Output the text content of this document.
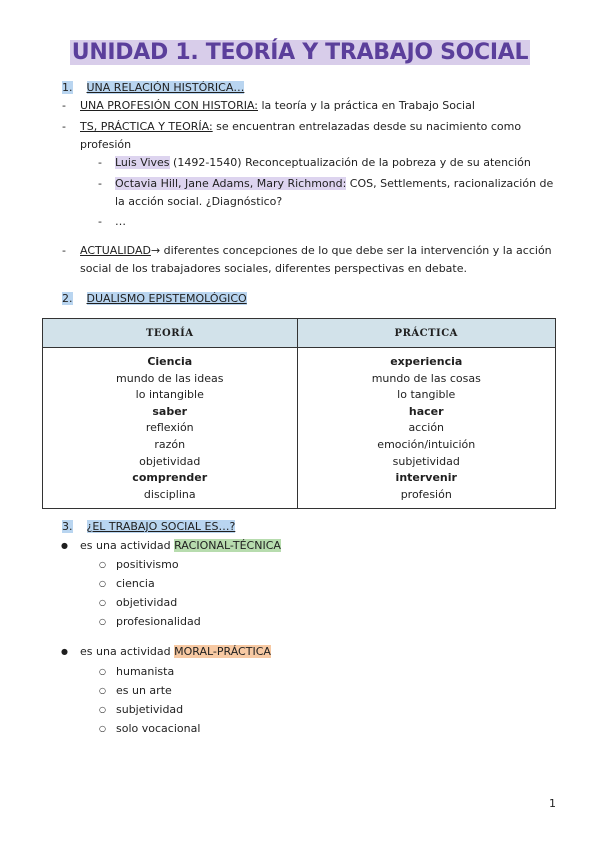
UNIDAD 1. TEORÍA Y TRABAJO SOCIAL
1. UNA RELACIÓN HISTÓRICA…
- UNA PROFESIÓN CON HISTORIA: la teoría y la práctica en Trabajo Social
- TS, PRÁCTICA Y TEORÍA: se encuentran entrelazadas desde su nacimiento como
profesión
- Luis Vives (1492-1540) Reconceptualización de la pobreza y de su atención
- Octavia Hill, Jane Adams, Mary Richmond: COS, Settlements, racionalización de
la acción social. ¿Diagnóstico?
- …
- ACTUALIDAD→ diferentes concepciones de lo que debe ser la intervención y la acción
social de los trabajadores sociales, diferentes perspectivas en debate.
2. DUALISMO EPISTEMOLÓGICO
TEORÍA	PRÁCTICA
Ciencia	experiencia
mundo de las ideas	mundo de las cosas
lo intangible	lo tangible
saber	hacer
reflexión	acción
razón	emoción/intuición
objetividad	subjetividad
comprender	intervenir
disciplina	profesión
3. ¿EL TRABAJO SOCIAL ES…?
● es una actividad RACIONAL-TÉCNICA
○ positivismo
○ ciencia
○ objetividad
○ profesionalidad
● es una actividad MORAL-PRÁCTICA
○ humanista
○ es un arte
○ subjetividad
○ solo vocacional
1
